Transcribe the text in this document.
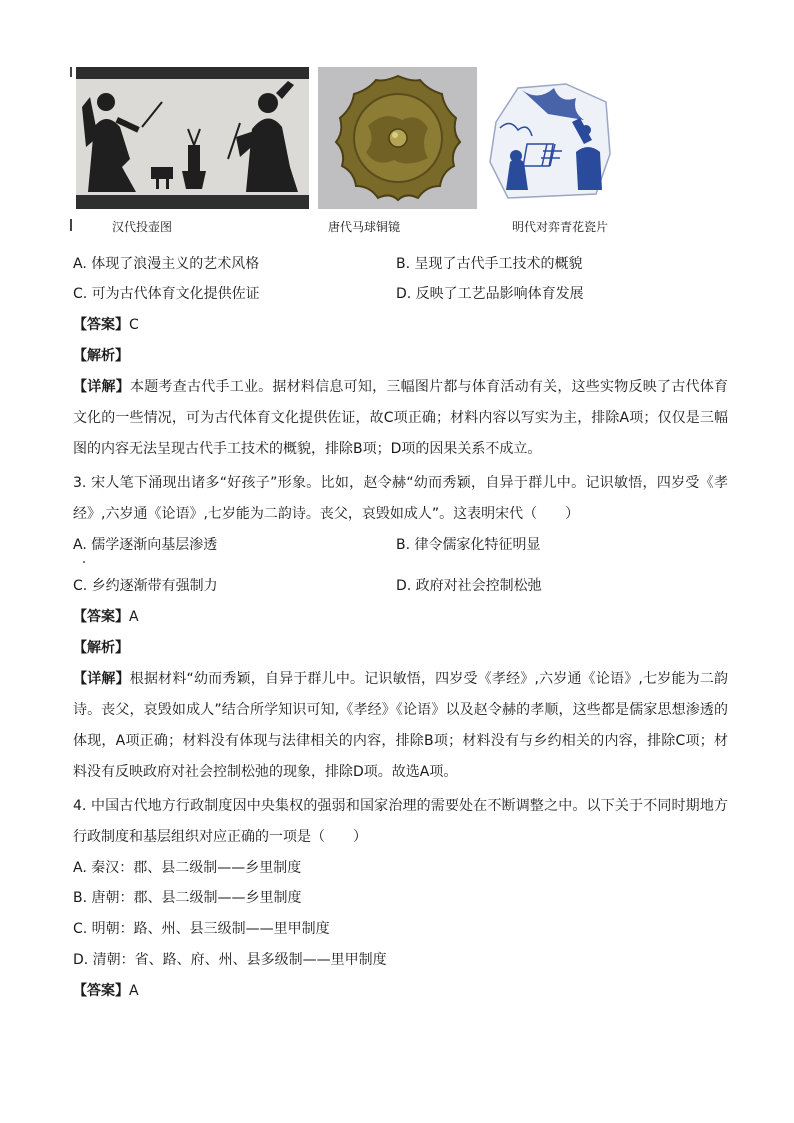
汉代投壶图	唐代马球铜镜	明代对弈青花瓷片
A. 体现了浪漫主义的艺术风格	B. 呈现了古代手工技术的概貌
C. 可为古代体育文化提供佐证	D. 反映了工艺品影响体育发展
【答案】C
【解析】
【详解】本题考查古代手工业。据材料信息可知，三幅图片都与体育活动有关，这些实物反映了古代体育文化的一些情况，可为古代体育文化提供佐证，故C项正确；材料内容以写实为主，排除A项；仅仅是三幅图的内容无法呈现古代手工技术的概貌，排除B项；D项的因果关系不成立。
3. 宋人笔下涌现出诸多“好孩子”形象。比如，赵令赫“幼而秀颖，自异于群儿中。记识敏悟，四岁受《孝经》,六岁通《论语》,七岁能为二韵诗。丧父，哀毁如成人”。这表明宋代（　　）
A. 儒学逐渐向基层渗透	B. 律令儒家化特征明显
C. 乡约逐渐带有强制力	D. 政府对社会控制松弛
【答案】A
【解析】
【详解】根据材料“幼而秀颖，自异于群儿中。记识敏悟，四岁受《孝经》,六岁通《论语》,七岁能为二韵诗。丧父，哀毁如成人”结合所学知识可知,《孝经》《论语》以及赵令赫的孝顺，这些都是儒家思想渗透的体现，A项正确；材料没有体现与法律相关的内容，排除B项；材料没有与乡约相关的内容，排除C项；材料没有反映政府对社会控制松弛的现象，排除D项。故选A项。
4. 中国古代地方行政制度因中央集权的强弱和国家治理的需要处在不断调整之中。以下关于不同时期地方行政制度和基层组织对应正确的一项是（　　）
A. 秦汉：郡、县二级制——乡里制度
B. 唐朝：郡、县二级制——乡里制度
C. 明朝：路、州、县三级制——里甲制度
D. 清朝：省、路、府、州、县多级制——里甲制度
【答案】A
